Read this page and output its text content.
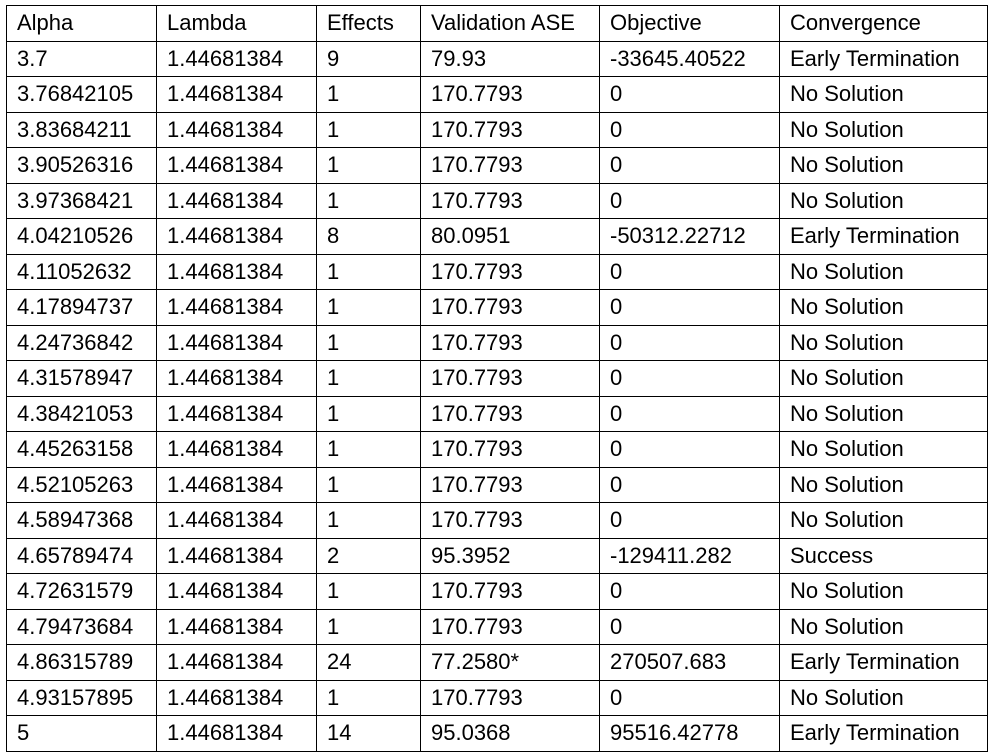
Alpha	Lambda	Effects	Validation ASE	Objective	Convergence
3.7	1.44681384	9	79.93	-33645.40522	Early Termination
3.76842105	1.44681384	1	170.7793	0	No Solution
3.83684211	1.44681384	1	170.7793	0	No Solution
3.90526316	1.44681384	1	170.7793	0	No Solution
3.97368421	1.44681384	1	170.7793	0	No Solution
4.04210526	1.44681384	8	80.0951	-50312.22712	Early Termination
4.11052632	1.44681384	1	170.7793	0	No Solution
4.17894737	1.44681384	1	170.7793	0	No Solution
4.24736842	1.44681384	1	170.7793	0	No Solution
4.31578947	1.44681384	1	170.7793	0	No Solution
4.38421053	1.44681384	1	170.7793	0	No Solution
4.45263158	1.44681384	1	170.7793	0	No Solution
4.52105263	1.44681384	1	170.7793	0	No Solution
4.58947368	1.44681384	1	170.7793	0	No Solution
4.65789474	1.44681384	2	95.3952	-129411.282	Success
4.72631579	1.44681384	1	170.7793	0	No Solution
4.79473684	1.44681384	1	170.7793	0	No Solution
4.86315789	1.44681384	24	77.2580*	270507.683	Early Termination
4.93157895	1.44681384	1	170.7793	0	No Solution
5	1.44681384	14	95.0368	95516.42778	Early Termination
